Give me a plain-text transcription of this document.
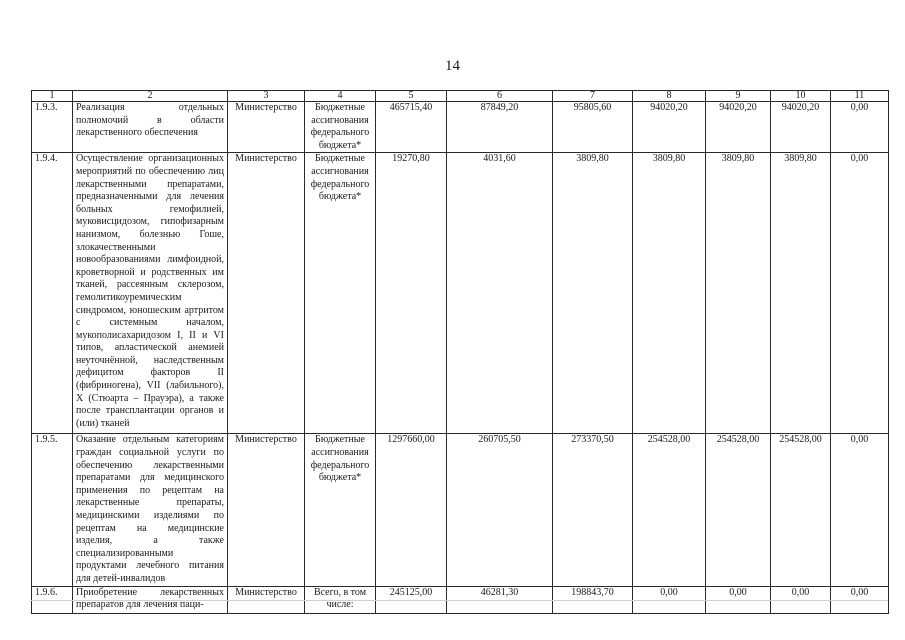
14
1	2	3	4	5	6	7	8	9	10	11
1.9.3.	Реализация отдельных полномочий в области лекарственного обеспечения	Министерство	Бюджетные ассигнования федерального бюджета*	465715,40	87849,20	95805,60	94020,20	94020,20	94020,20	0,00
1.9.4.	Осуществление организационных мероприятий по обеспечению лиц лекарственными препаратами, предназначенными для лечения больных гемофилией, муковисцидозом, гипофизарным нанизмом, болезнью Гоше, злокачественными новообразованиями лимфоидной, кроветворной и родственных им тканей, рассеянным склерозом, гемолитикоуремическим синдромом, юношеским артритом с системным началом, мукополисахаридозом I, II и VI типов, апластической анемией неуточнённой, наследственным дефицитом факторов II (фибриногена), VII (лабильного), X (Стюарта – Прауэра), а также после трансплантации органов и (или) тканей	Министерство	Бюджетные ассигнования федерального бюджета*	19270,80	4031,60	3809,80	3809,80	3809,80	3809,80	0,00
1.9.5.	Оказание отдельным категориям граждан социальной услуги по обеспечению лекарственными препаратами для медицинского применения по рецептам на лекарственные препараты, медицинскими изделиями по рецептам на медицинские изделия, а также специализированными продуктами лечебного питания для детей-инвалидов	Министерство	Бюджетные ассигнования федерального бюджета*	1297660,00	260705,50	273370,50	254528,00	254528,00	254528,00	0,00
1.9.6.	Приобретение лекарственных препаратов для лечения паци-	Министерство	Всего, в том числе:	245125,00	46281,30	198843,70	0,00	0,00	0,00	0,00
